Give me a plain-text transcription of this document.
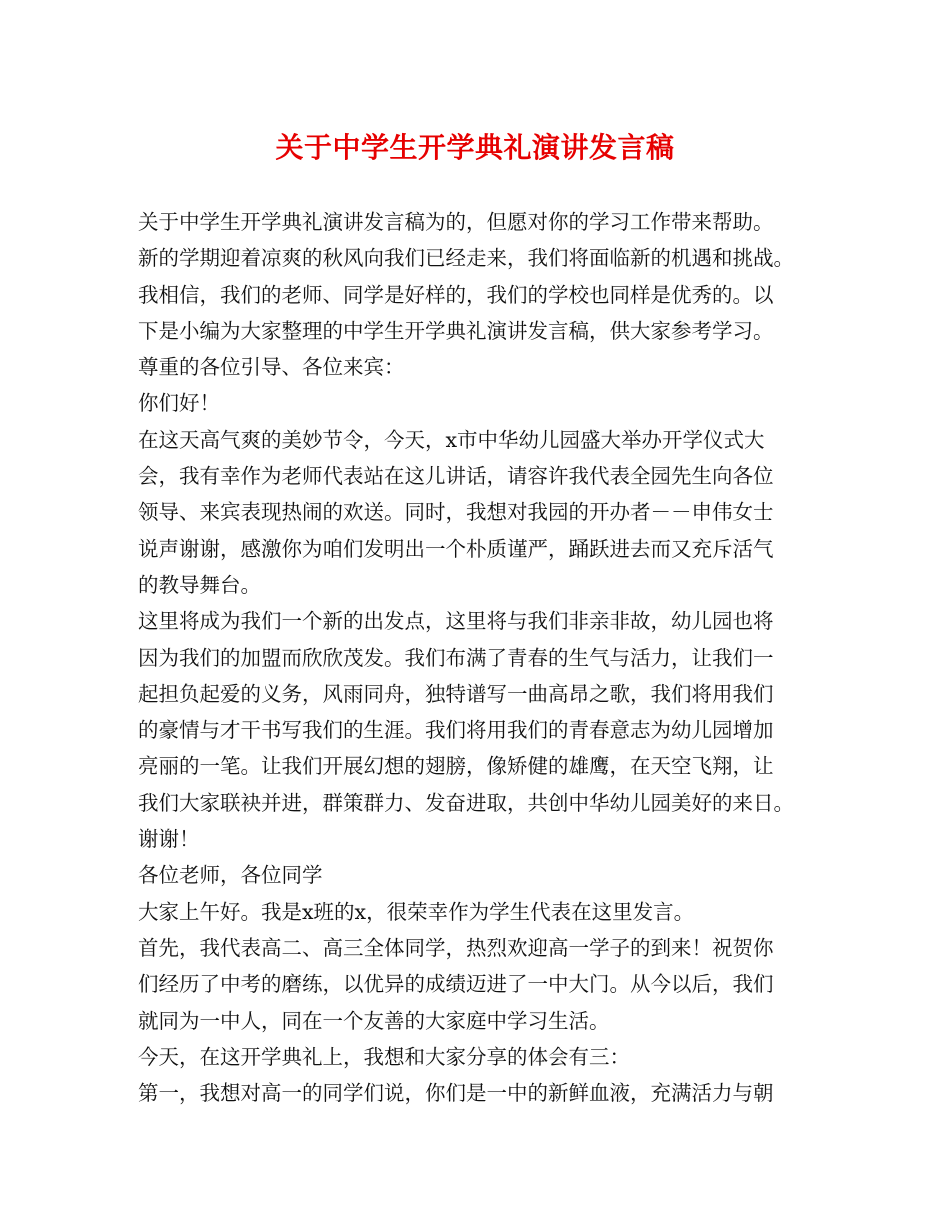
关于中学生开学典礼演讲发言稿
关于中学生开学典礼演讲发言稿为的，但愿对你的学习工作带来帮助。
新的学期迎着凉爽的秋风向我们已经走来，我们将面临新的机遇和挑战。
我相信，我们的老师、同学是好样的，我们的学校也同样是优秀的。以
下是小编为大家整理的中学生开学典礼演讲发言稿，供大家参考学习。
尊重的各位引导、各位来宾：
你们好！
在这天高气爽的美妙节令，今天，x市中华幼儿园盛大举办开学仪式大
会，我有幸作为老师代表站在这儿讲话，请容许我代表全园先生向各位
领导、来宾表现热闹的欢送。同时，我想对我园的开办者－－申伟女士
说声谢谢，感激你为咱们发明出一个朴质谨严，踊跃进去而又充斥活气
的教导舞台。
这里将成为我们一个新的出发点，这里将与我们非亲非故，幼儿园也将
因为我们的加盟而欣欣茂发。我们布满了青春的生气与活力，让我们一
起担负起爱的义务，风雨同舟，独特谱写一曲高昂之歌，我们将用我们
的豪情与才干书写我们的生涯。我们将用我们的青春意志为幼儿园增加
亮丽的一笔。让我们开展幻想的翅膀，像矫健的雄鹰，在天空飞翔，让
我们大家联袂并进，群策群力、发奋进取，共创中华幼儿园美好的来日。
谢谢！
各位老师，各位同学
大家上午好。我是x班的x，很荣幸作为学生代表在这里发言。
首先，我代表高二、高三全体同学，热烈欢迎高一学子的到来！祝贺你
们经历了中考的磨练，以优异的成绩迈进了一中大门。从今以后，我们
就同为一中人，同在一个友善的大家庭中学习生活。
今天，在这开学典礼上，我想和大家分享的体会有三：
第一，我想对高一的同学们说，你们是一中的新鲜血液，充满活力与朝
